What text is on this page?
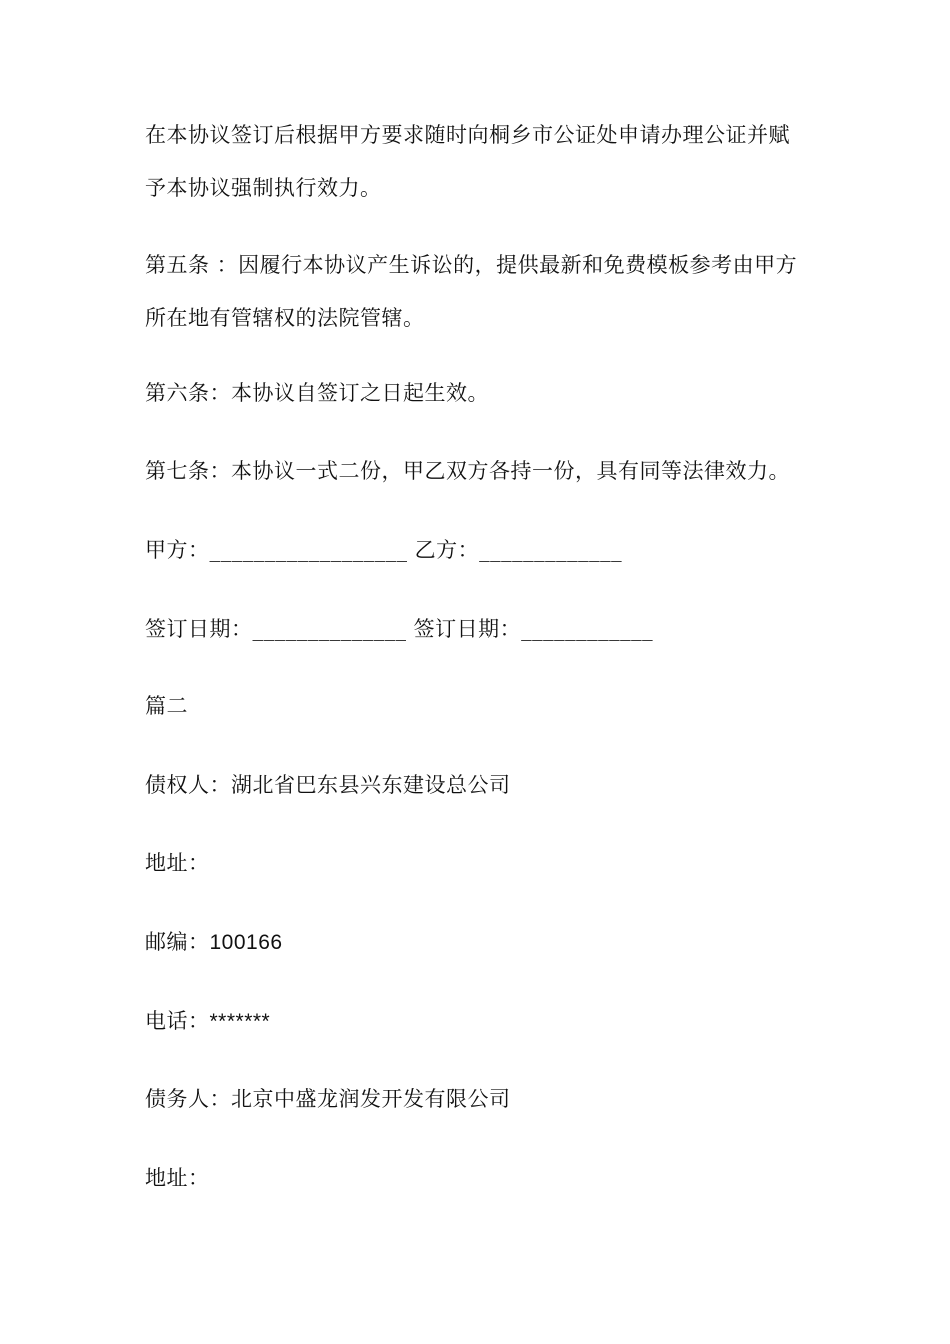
在本协议签订后根据甲方要求随时向桐乡市公证处申请办理公证并赋
予本协议强制执行效力。
第五条 ：因履行本协议产生诉讼的，提供最新和免费模板参考由甲方
所在地有管辖权的法院管辖。
第六条：本协议自签订之日起生效。
第七条：本协议一式二份，甲乙双方各持一份，具有同等法律效力。
甲方：__________________ 乙方：_____________
签订日期：______________ 签订日期：____________
篇二
债权人：湖北省巴东县兴东建设总公司
地址：
邮编：100166
电话：*******
债务人：北京中盛龙润发开发有限公司
地址：
